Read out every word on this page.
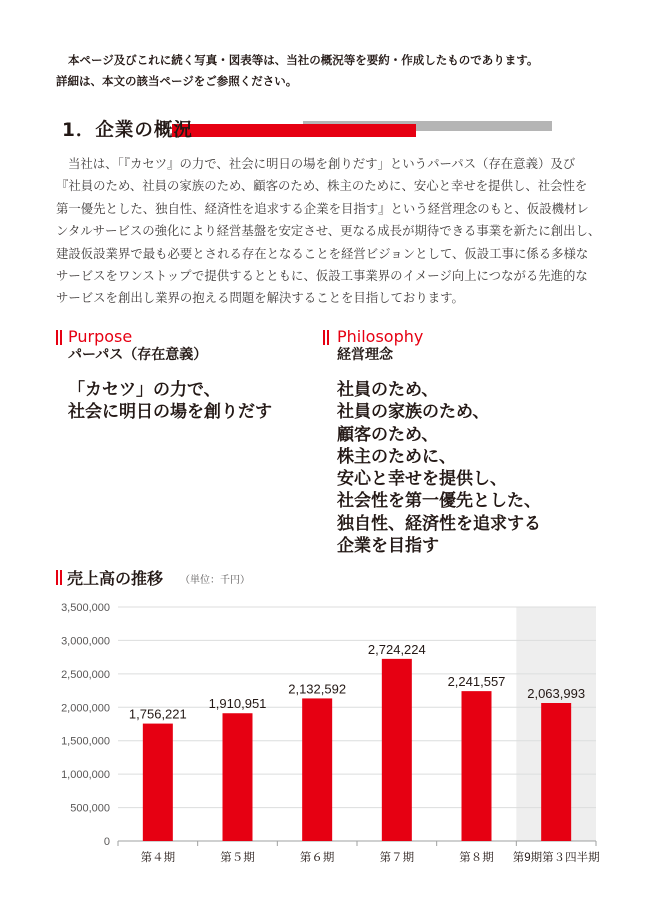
本ページ及びこれに続く写真・図表等は、当社の概況等を要約・作成したものであります。

詳細は、本文の該当ページをご参照ください。

1．企業の概況
当社は、「『カセツ』の力で、社会に明日の場を創りだす」というパーパス（存在意義）及び
『社員のため、社員の家族のため、顧客のため、株主のために、安心と幸せを提供し、社会性を
第一優先とした、独自性、経済性を追求する企業を目指す』という経営理念のもと、仮設機材レ
ンタルサービスの強化により経営基盤を安定させ、更なる成長が期待できる事業を新たに創出し、
建設仮設業界で最も必要とされる存在となることを経営ビジョンとして、仮設工事に係る多様な
サービスをワンストップで提供するとともに、仮設工事業界のイメージ向上につながる先進的な
サービスを創出し業界の抱える問題を解決することを目指しております。
Purpose
パーパス（存在意義）
「カセツ」の力で、
社会に明日の場を創りだす
Philosophy
経営理念
社員のため、
社員の家族のため、
顧客のため、
株主のために、
安心と幸せを提供し、
社会性を第一優先とした、
独自性、経済性を追求する
企業を目指す
売上高の推移 （単位：千円）
0
500,000
1,000,000
1,500,000
2,000,000
2,500,000
3,000,000
3,500,000
1,756,221
第４期
1,910,951
第５期
2,132,592
第６期
2,724,224
第７期
2,241,557
第８期
2,063,993
第9期第３四半期
